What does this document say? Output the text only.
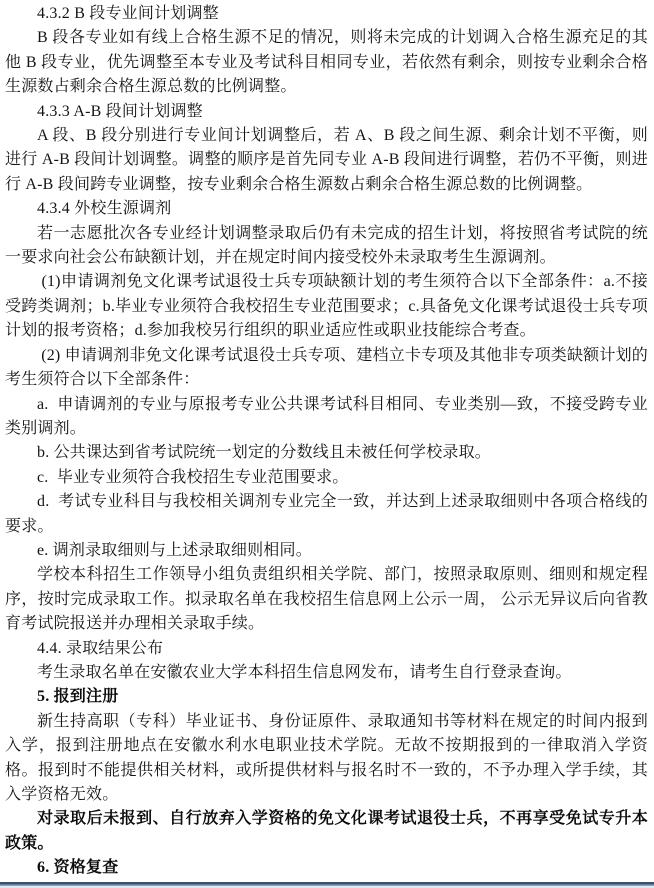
4.3.2 B 段专业间计划调整

B 段各专业如有线上合格生源不足的情况，则将未完成的计划调入合格生源充足的其他 B 段专业，优先调整至本专业及考试科目相同专业，若依然有剩余，则按专业剩余合格生源数占剩余合格生源总数的比例调整。

4.3.3 A-B 段间计划调整

A 段、B 段分别进行专业间计划调整后，若 A、B 段之间生源、剩余计划不平衡，则进行 A-B 段间计划调整。调整的顺序是首先同专业 A-B 段间进行调整，若仍不平衡，则进行 A-B 段间跨专业调整，按专业剩余合格生源数占剩余合格生源总数的比例调整。

4.3.4 外校生源调剂

若一志愿批次各专业经计划调整录取后仍有未完成的招生计划，将按照省考试院的统一要求向社会公布缺额计划，并在规定时间内接受校外未录取考生生源调剂。

(1)申请调剂免文化课考试退役士兵专项缺额计划的考生须符合以下全部条件：a.不接受跨类调剂；b.毕业专业须符合我校招生专业范围要求；c.具备免文化课考试退役士兵专项计划的报考资格；d.参加我校另行组织的职业适应性或职业技能综合考查。

(2) 申请调剂非免文化课考试退役士兵专项、建档立卡专项及其他非专项类缺额计划的考生须符合以下全部条件：

a.  申请调剂的专业与原报考专业公共课考试科目相同、专业类别—致，不接受跨专业类别调剂。

b. 公共课达到省考试院统一划定的分数线且未被任何学校录取。

c.  毕业专业须符合我校招生专业范围要求。

d.  考试专业科目与我校相关调剂专业完全一致，并达到上述录取细则中各项合格线的要求。

e. 调剂录取细则与上述录取细则相同。

学校本科招生工作领导小组负责组织相关学院、部门，按照录取原则、细则和规定程序，按时完成录取工作。拟录取名单在我校招生信息网上公示一周， 公示无异议后向省教育考试院报送并办理相关录取手续。

4.4. 录取结果公布

考生录取名单在安徽农业大学本科招生信息网发布，请考生自行登录查询。

5. 报到注册

新生持高职（专科）毕业证书、身份证原件、录取通知书等材料在规定的时间内报到入学，报到注册地点在安徽水利水电职业技术学院。无故不按期报到的一律取消入学资格。报到时不能提供相关材料，或所提供材料与报名时不一致的，不予办理入学手续，其入学资格无效。

对录取后未报到、自行放弃入学资格的免文化课考试退役士兵，不再享受免试专升本政策。

6. 资格复查
